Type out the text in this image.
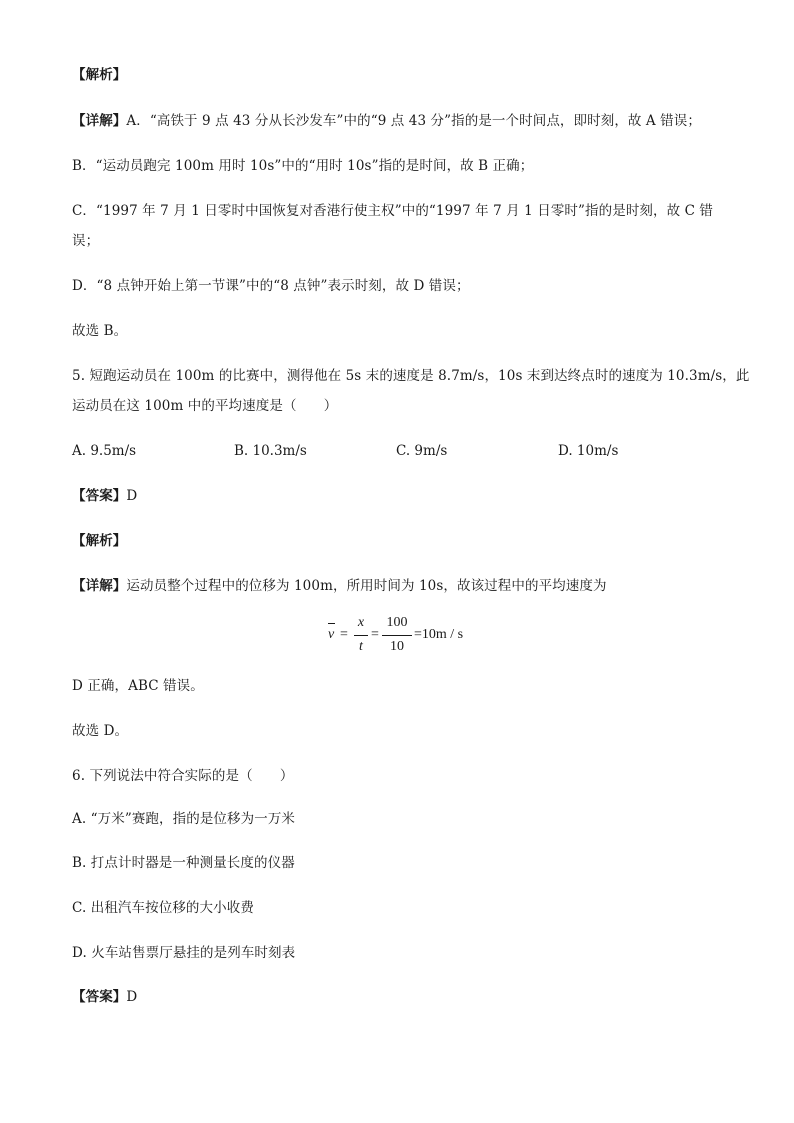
【解析】
【详解】A．“高铁于 9 点 43 分从长沙发车”中的“9 点 43 分”指的是一个时间点，即时刻，故 A 错误；
B．“运动员跑完 100m 用时 10s”中的“用时 10s”指的是时间，故 B 正确；
C．“1997 年 7 月 1 日零时中国恢复对香港行使主权”中的“1997 年 7 月 1 日零时”指的是时刻，故 C 错
误；
D．“8 点钟开始上第一节课”中的“8 点钟”表示时刻，故 D 错误；
故选 B。
5. 短跑运动员在 100m 的比赛中，测得他在 5s 末的速度是 8.7m/s，10s 末到达终点时的速度为 10.3m/s，此
运动员在这 100m 中的平均速度是（　　）
A. 9.5m/s	B. 10.3m/s	C. 9m/s	D. 10m/s
【答案】D
【解析】
【详解】运动员整个过程中的位移为 100m，所用时间为 10s，故该过程中的平均速度为
v =
x
t
=
100
10
=10m / s
D 正确，ABC 错误。
故选 D。
6. 下列说法中符合实际的是（　　）
A. “万米”赛跑，指的是位移为一万米
B. 打点计时器是一种测量长度的仪器
C. 出租汽车按位移的大小收费
D. 火车站售票厅悬挂的是列车时刻表
【答案】D
